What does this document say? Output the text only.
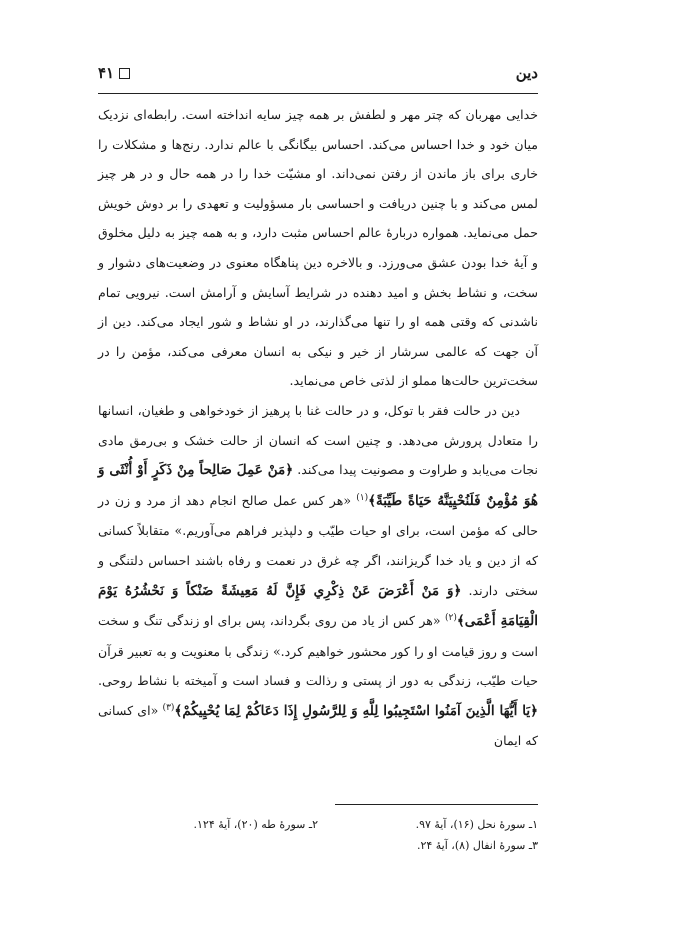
دین
۴۱

خدایی مهربان که چتر مهر و لطفش بر همه چیز سایه انداخته است. رابطه‌ای نزدیک میان خود و خدا احساس می‌کند. احساس بیگانگی با عالم ندارد. رنج‌ها و مشکلات را خاری برای باز ماندن از رفتن نمی‌داند. او مشیّت خدا را در همه حال و در هر چیز لمس می‌کند و با چنین دریافت و احساسی بار مسؤولیت و تعهدی را بر دوش خویش حمل می‌نماید. همواره دربارهٔ عالم احساس مثبت دارد، و به همه چیز به دلیل مخلوق و آیهٔ خدا بودن عشق می‌ورزد. و بالاخره دین پناهگاه معنوی در وضعیت‌های دشوار و سخت، و نشاط بخش و امید دهنده در شرایط آسایش و آرامش است. نیرویی تمام ناشدنی که وقتی همه او را تنها می‌گذارند، در او نشاط و شور ایجاد می‌کند. دین از آن جهت که عالمی سرشار از خیر و نیکی به انسان معرفی می‌کند، مؤمن را در سخت‌ترین حالت‌ها مملو از لذتی خاص می‌نماید.

دین در حالت فقر با توکل، و در حالت غنا با پرهیز از خودخواهی و طغیان، انسانها را متعادل پرورش می‌دهد. و چنین است که انسان از حالت خشک و بی‌رمق مادی نجات می‌یابد و طراوت و مصونیت پیدا می‌کند. ﴿مَنْ عَمِلَ صَالِحاً مِنْ ذَكَرٍ أَوْ أُنْثَى وَ هُوَ مُؤْمِنٌ فَلَنُحْيِيَنَّهُ حَيَاةً طَيِّبَةً﴾$^{(۱)}$ «هر کس عمل صالح انجام دهد از مرد و زن در حالی که مؤمن است، برای او حیات طیّب و دلپذیر فراهم می‌آوریم.» متقابلاً کسانی که از دین و یاد خدا گریزانند، اگر چه غرق در نعمت و رفاه باشند احساس دلتنگی و سختی دارند. ﴿وَ مَنْ أَعْرَضَ عَنْ ذِكْرِي فَإِنَّ لَهُ مَعِيشَةً ضَنْكاً وَ نَحْشُرُهُ يَوْمَ الْقِيَامَةِ أَعْمَى﴾$^{(۲)}$ «هر کس از یاد من روی بگرداند، پس برای او زندگی تنگ و سخت است و روز قیامت او را کور محشور خواهیم کرد.» زندگی با معنویت و به تعبیر قرآن حیات طیّب، زندگی به دور از پستی و رذالت و فساد است و آمیخته با نشاط روحی. ﴿يَا أَيُّهَا الَّذِينَ آمَنُوا اسْتَجِيبُوا لِلَّهِ وَ لِلرَّسُولِ إِذَا دَعَاكُمْ لِمَا يُحْيِيكُمْ﴾$^{(۳)}$ «ای کسانی که ایمان

۱ـ سورهٔ نحل (۱۶)، آیهٔ ۹۷.
۲ـ سورهٔ طه (۲۰)، آیهٔ ۱۲۴.
۳ـ سورهٔ انفال (۸)، آیهٔ ۲۴.
